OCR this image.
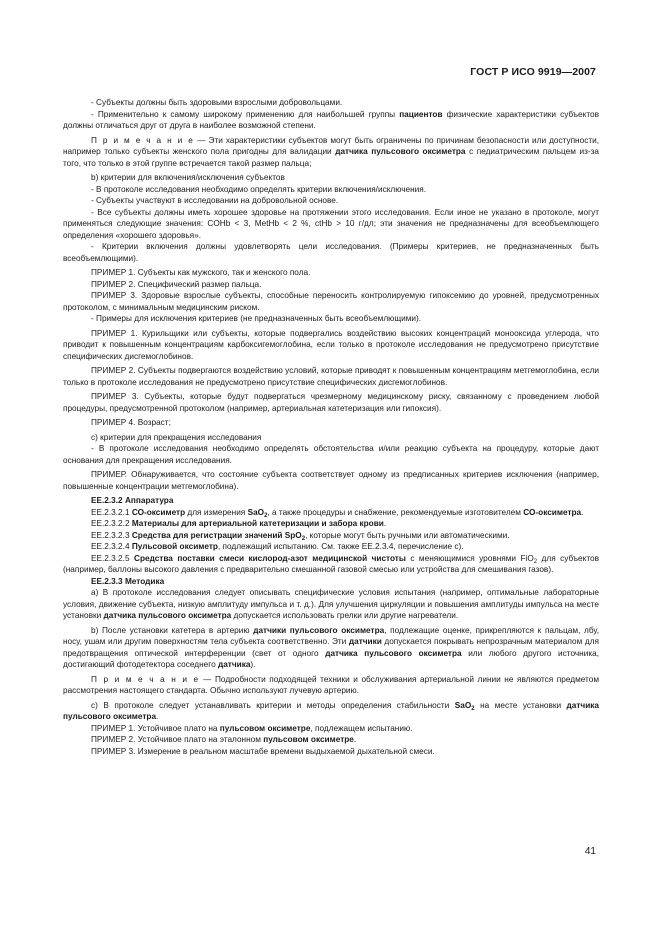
ГОСТ Р ИСО 9919—2007

- Субъекты должны быть здоровыми взрослыми добровольцами.

- Применительно к самому широкому применению для наибольшей группы пациентов физические характеристики субъектов должны отличаться друг от друга в наиболее возможной степени.

П р и м е ч а н и е — Эти характеристики субъектов могут быть ограничены по причинам безопасности или доступности, например только субъекты женского пола пригодны для валидации датчика пульсового оксиметра с педиатрическим пальцем из-за того, что только в этой группе встречается такой размер пальца;

b) критерии для включения/исключения субъектов

- В протоколе исследования необходимо определять критерии включения/исключения.

- Субъекты участвуют в исследовании на добровольной основе.

- Все субъекты должны иметь хорошее здоровье на протяжении этого исследования. Если иное не указано в протоколе, могут применяться следующие значения: COHb < 3, MetHb < 2 %, ctHb > 10 г/дл; эти значения не предназначены для всеобъемлющего определения «хорошего здоровья».

- Критерии включения должны удовлетворять цели исследования. (Примеры критериев, не предназначенных быть всеобъемлющими).

ПРИМЕР 1. Субъекты как мужского, так и женского пола.

ПРИМЕР 2. Специфический размер пальца.

ПРИМЕР 3. Здоровые взрослые субъекты, способные переносить контролируемую гипоксемию до уровней, предусмотренных протоколом, с минимальным медицинским риском.

- Примеры для исключения критериев (не предназначенных быть всеобъемлющими).

ПРИМЕР 1. Курильщики или субъекты, которые подвергались воздействию высоких концентраций монооксида углерода, что приводит к повышенным концентрациям карбоксигемоглобина, если только в протоколе исследования не предусмотрено присутствие специфических дисгемоглобинов.

ПРИМЕР 2. Субъекты подвергаются воздействию условий, которые приводят к повышенным концентрациям метгемоглобина, если только в протоколе исследования не предусмотрено присутствие специфических дисгемоглобинов.

ПРИМЕР 3. Субъекты, которые будут подвергаться чрезмерному медицинскому риску, связанному с проведением любой процедуры, предусмотренной протоколом (например, артериальная катетеризация или гипоксия).

ПРИМЕР 4. Возраст;

c) критерии для прекращения исследования

- В протоколе исследования необходимо определять обстоятельства и/или реакцию субъекта на процедуру, которые дают основания для прекращения исследования.

ПРИМЕР. Обнаруживается, что состояние субъекта соответствует одному из предписанных критериев исключения (например, повышенные концентрации метгемоглобина).

ЕЕ.2.3.2 Аппаратура

ЕЕ.2.3.2.1 СО-оксиметр для измерения SaO$_2$, а также процедуры и снабжение, рекомендуемые изготовителем СО-оксиметра.

ЕЕ.2.3.2.2 Материалы для артериальной катетеризации и забора крови.

ЕЕ.2.3.2.3 Средства для регистрации значений SpO$_2$, которые могут быть ручными или автоматическими.

ЕЕ.2.3.2.4 Пульсовой оксиметр, подлежащий испытанию. См. также ЕЕ.2.3.4, перечисление c).

ЕЕ.2.3.2.5 Средства поставки смеси кислород-азот медицинской чистоты с меняющимися уровнями FiO$_2$ для субъектов (например, баллоны высокого давления с предварительно смешанной газовой смесью или устройства для смешивания газов).

ЕЕ.2.3.3 Методика

a) В протоколе исследования следует описывать специфические условия испытания (например, оптимальные лабораторные условия, движение субъекта, низкую амплитуду импульса и т. д.). Для улучшения циркуляции и повышения амплитуды импульса на месте установки датчика пульсового оксиметра допускается использовать грелки или другие нагреватели.

b) После установки катетера в артерию датчики пульсового оксиметра, подлежащие оценке, прикрепляются к пальцам, лбу, носу, ушам или другим поверхностям тела субъекта соответственно. Эти датчики допускается покрывать непрозрачным материалом для предотвращения оптической интерференции (свет от одного датчика пульсового оксиметра или любого другого источника, достигающий фотодетектора соседнего датчика).

П р и м е ч а н и е — Подробности подходящей техники и обслуживания артериальной линии не являются предметом рассмотрения настоящего стандарта. Обычно используют лучевую артерию.

c) В протоколе следует устанавливать критерии и методы определения стабильности SaO$_2$ на месте установки датчика пульсового оксиметра.

ПРИМЕР 1. Устойчивое плато на пульсовом оксиметре, подлежащем испытанию.

ПРИМЕР 2. Устойчивое плато на эталонном пульсовом оксиметре.

ПРИМЕР 3. Измерение в реальном масштабе времени выдыхаемой дыхательной смеси.

41
